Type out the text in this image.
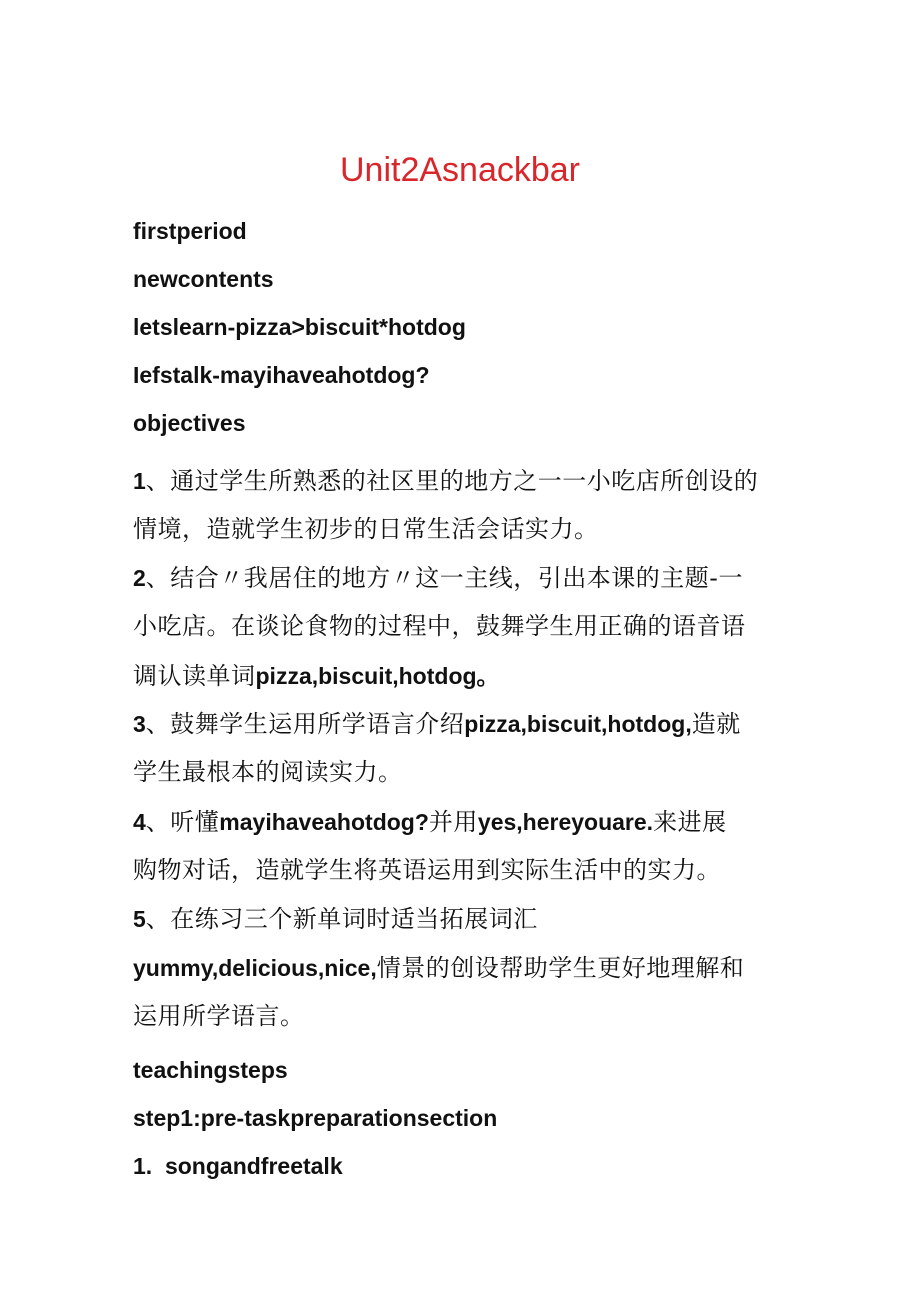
Unit2Asnackbar
firstperiod
newcontents
letslearn-pizza>biscuit*hotdog
Iefstalk-mayihaveahotdog?
objectives
1、通过学生所熟悉的社区里的地方之一一小吃店所创设的
情境，造就学生初步的日常生活会话实力。
2、结合〃我居住的地方〃这一主线，引出本课的主题-一
小吃店。在谈论食物的过程中，鼓舞学生用正确的语音语
调认读单词pizza,biscuit,hotdog。
3、鼓舞学生运用所学语言介绍pizza,biscuit,hotdog,造就
学生最根本的阅读实力。
4、听懂mayihaveahotdog?并用yes,hereyouare.来进展
购物对话，造就学生将英语运用到实际生活中的实力。
5、在练习三个新单词时适当拓展词汇
yummy,delicious,nice,情景的创设帮助学生更好地理解和
运用所学语言。
teachingsteps
step1:pre-taskpreparationsection
1.  songandfreetalk
